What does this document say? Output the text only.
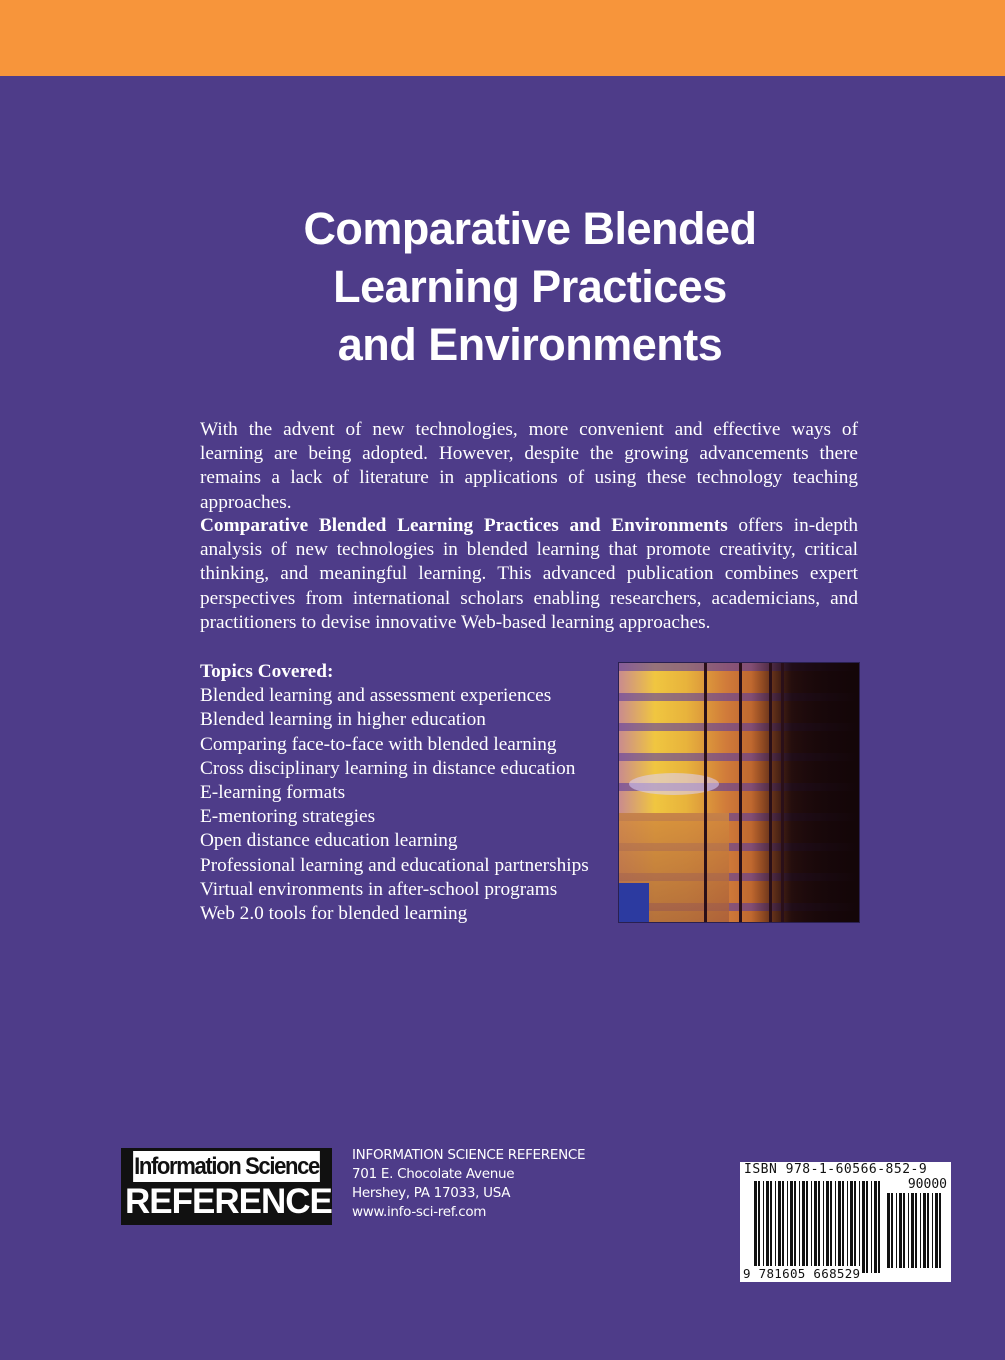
Comparative Blended
Learning Practices
and Environments
With the advent of new technologies, more convenient and effective ways of learning are being adopted. However, despite the growing advancements there remains a lack of literature in applications of using these technology teaching approaches.
Comparative Blended Learning Practices and Environments offers in-depth analysis of new technologies in blended learning that promote creativity, critical thinking, and meaningful learning. This advanced publication combines expert perspectives from international scholars enabling researchers, academicians, and practitioners to devise innovative Web-based learning approaches.
Topics Covered:
Blended learning and assessment experiences
Blended learning in higher education
Comparing face-to-face with blended learning
Cross disciplinary learning in distance education
E-learning formats
E-mentoring strategies
Open distance education learning
Professional learning and educational partnerships
Virtual environments in after-school programs
Web 2.0 tools for blended learning
Information Science
REFERENCE
INFORMATION SCIENCE REFERENCE
701 E. Chocolate Avenue
Hershey, PA 17033, USA
www.info-sci-ref.com
ISBN 978-1-60566-852-9
90000
9 781605 668529
